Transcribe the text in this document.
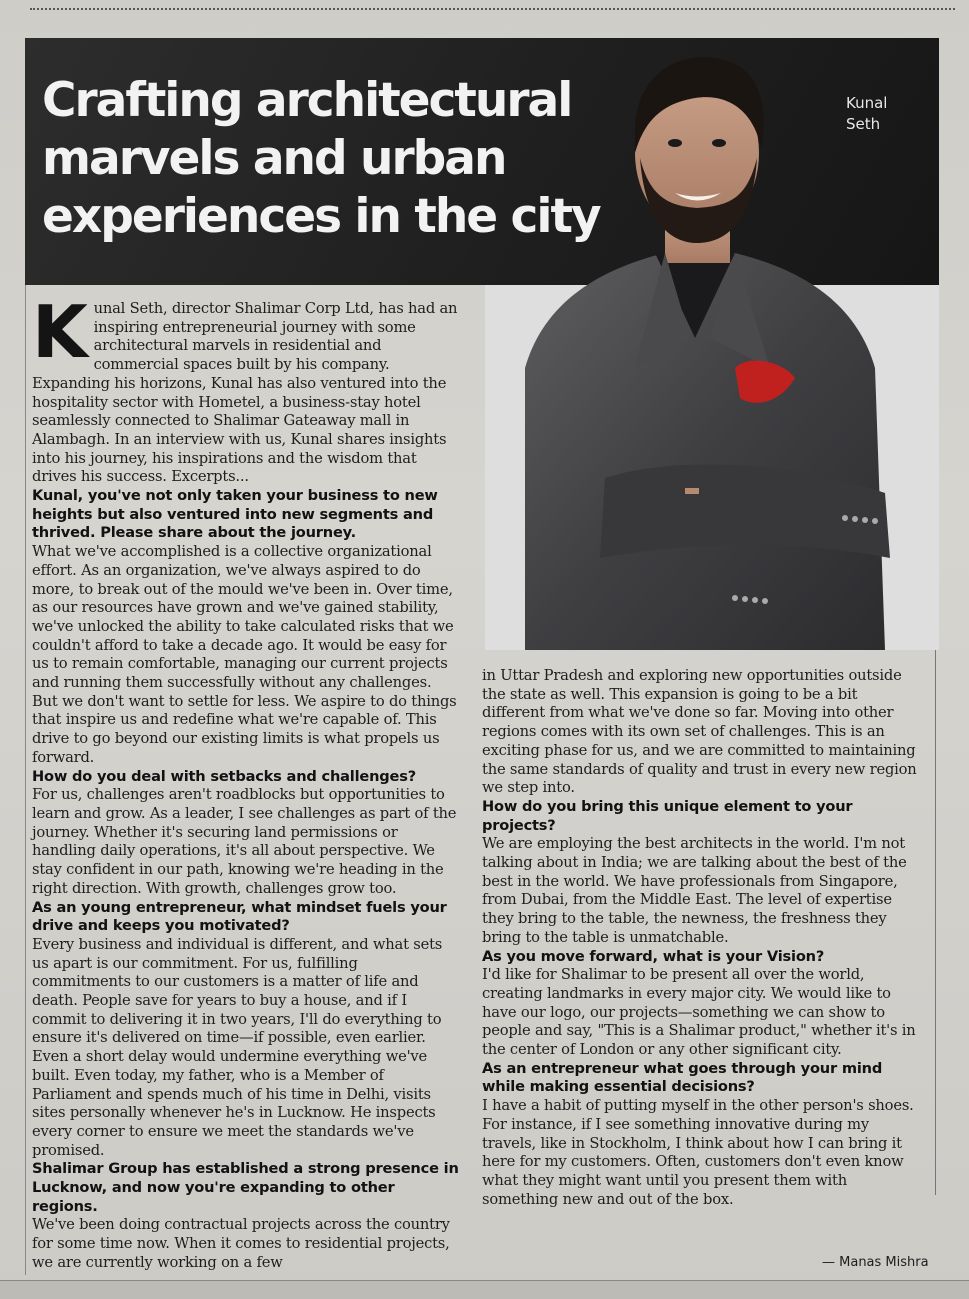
Crafting architectural
marvels and urban
experiences in the city
Kunal
Seth

Kunal Seth, director Shalimar Corp Ltd, has had an inspiring entrepreneurial journey with some architectural marvels in residential and commercial spaces built by his company. Expanding his horizons, Kunal has also ventured into the hospitality sector with Hometel, a business-stay hotel seamlessly connected to Shalimar Gateaway mall in Alambagh. In an interview with us, Kunal shares insights into his journey, his inspirations and the wisdom that drives his success. Excerpts...

Kunal, you've not only taken your business to new heights but also ventured into new segments and thrived. Please share about the journey.

What we've accomplished is a collective organizational effort. As an organization, we've always aspired to do more, to break out of the mould we've been in. Over time, as our resources have grown and we've gained stability, we've unlocked the ability to take calculated risks that we couldn't afford to take a decade ago. It would be easy for us to remain comfortable, managing our current projects and running them successfully without any challenges. But we don't want to settle for less. We aspire to do things that inspire us and redefine what we're capable of. This drive to go beyond our existing limits is what propels us forward.

How do you deal with setbacks and challenges?

For us, challenges aren't roadblocks but opportunities to learn and grow. As a leader, I see challenges as part of the journey. Whether it's securing land permissions or handling daily operations, it's all about perspective. We stay confident in our path, knowing we're heading in the right direction. With growth, challenges grow too.

As an young entrepreneur, what mindset fuels your drive and keeps you motivated?

Every business and individual is different, and what sets us apart is our commitment. For us, fulfilling commitments to our customers is a matter of life and death. People save for years to buy a house, and if I commit to delivering it in two years, I'll do everything to ensure it's delivered on time—if possible, even earlier. Even a short delay would undermine everything we've built. Even today, my father, who is a Member of Parliament and spends much of his time in Delhi, visits sites personally whenever he's in Lucknow. He inspects every corner to ensure we meet the standards we've promised.

Shalimar Group has established a strong presence in Lucknow, and now you're expanding to other regions.

We've been doing contractual projects across the country for some time now. When it comes to residential projects, we are currently working on a few

in Uttar Pradesh and exploring new opportunities outside the state as well. This expansion is going to be a bit different from what we've done so far. Moving into other regions comes with its own set of challenges. This is an exciting phase for us, and we are committed to maintaining the same standards of quality and trust in every new region we step into.

How do you bring this unique element to your projects?

We are employing the best architects in the world. I'm not talking about in India; we are talking about the best of the best in the world. We have professionals from Singapore, from Dubai, from the Middle East. The level of expertise they bring to the table, the newness, the freshness they bring to the table is unmatchable.

As you move forward, what is your Vision?

I'd like for Shalimar to be present all over the world, creating landmarks in every major city. We would like to have our logo, our projects—something we can show to people and say, "This is a Shalimar product," whether it's in the center of London or any other significant city.

As an entrepreneur what goes through your mind while making essential decisions?

I have a habit of putting myself in the other person's shoes. For instance, if I see something innovative during my travels, like in Stockholm, I think about how I can bring it here for my customers. Often, customers don't even know what they might want until you present them with something new and out of the box.

— Manas Mishra
